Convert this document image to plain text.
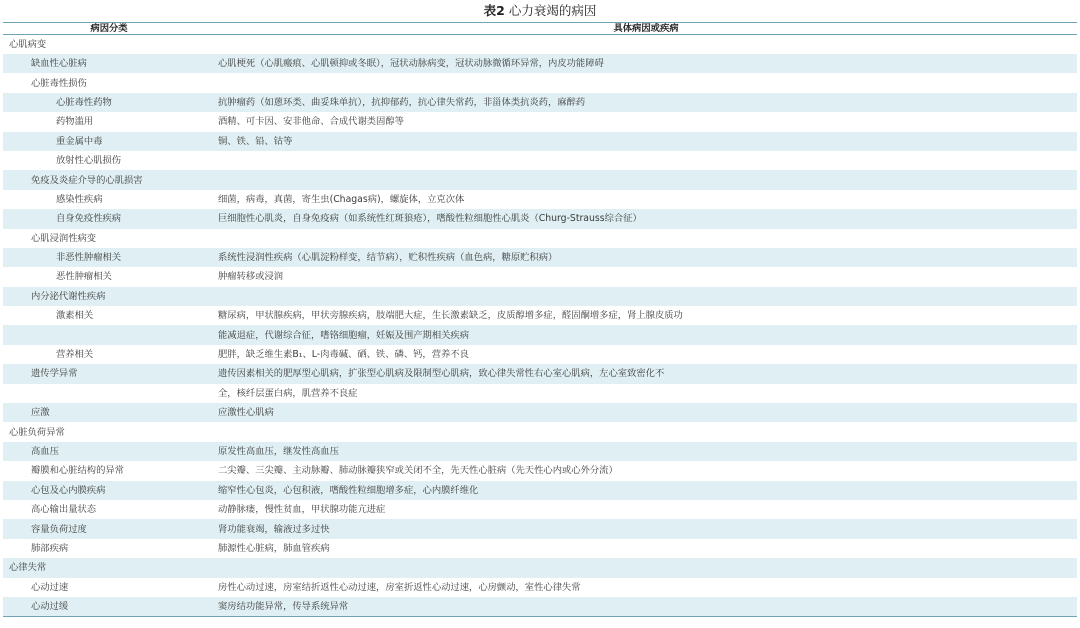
表2 心力衰竭的病因
病因分类	具体病因或疾病
心肌病变	
缺血性心脏病	心肌梗死（心肌瘢痕、心肌顿抑或冬眠），冠状动脉病变，冠状动脉微循环异常，内皮功能障碍
心脏毒性损伤	
心脏毒性药物	抗肿瘤药（如蒽环类、曲妥珠单抗），抗抑郁药，抗心律失常药，非甾体类抗炎药，麻醉药
药物滥用	酒精、可卡因、安非他命、合成代谢类固醇等
重金属中毒	铜、铁、铅、钴等
放射性心肌损伤	
免疫及炎症介导的心肌损害	
感染性疾病	细菌，病毒，真菌，寄生虫(Chagas病)，螺旋体，立克次体
自身免疫性疾病	巨细胞性心肌炎，自身免疫病（如系统性红斑狼疮），嗜酸性粒细胞性心肌炎（Churg-Strauss综合征）
心肌浸润性病变	
非恶性肿瘤相关	系统性浸润性疾病（心肌淀粉样变，结节病），贮积性疾病（血色病，糖原贮积病）
恶性肿瘤相关	肿瘤转移或浸润
内分泌代谢性疾病	
激素相关	糖尿病，甲状腺疾病，甲状旁腺疾病，肢端肥大症，生长激素缺乏，皮质醇增多症，醛固酮增多症，肾上腺皮质功
	能减退症，代谢综合征，嗜铬细胞瘤，妊娠及围产期相关疾病
营养相关	肥胖，缺乏维生素B₁、L-肉毒碱、硒、铁、磷、钙，营养不良
遗传学异常	遗传因素相关的肥厚型心肌病，扩张型心肌病及限制型心肌病，致心律失常性右心室心肌病，左心室致密化不
	全，核纤层蛋白病，肌营养不良症
应激	应激性心肌病
心脏负荷异常	
高血压	原发性高血压，继发性高血压
瓣膜和心脏结构的异常	二尖瓣、三尖瓣、主动脉瓣、肺动脉瓣狭窄或关闭不全，先天性心脏病（先天性心内或心外分流）
心包及心内膜疾病	缩窄性心包炎，心包积液，嗜酸性粒细胞增多症，心内膜纤维化
高心输出量状态	动静脉瘘，慢性贫血，甲状腺功能亢进症
容量负荷过度	肾功能衰竭，输液过多过快
肺部疾病	肺源性心脏病，肺血管疾病
心律失常	
心动过速	房性心动过速，房室结折返性心动过速，房室折返性心动过速，心房颤动，室性心律失常
心动过缓	窦房结功能异常，传导系统异常
